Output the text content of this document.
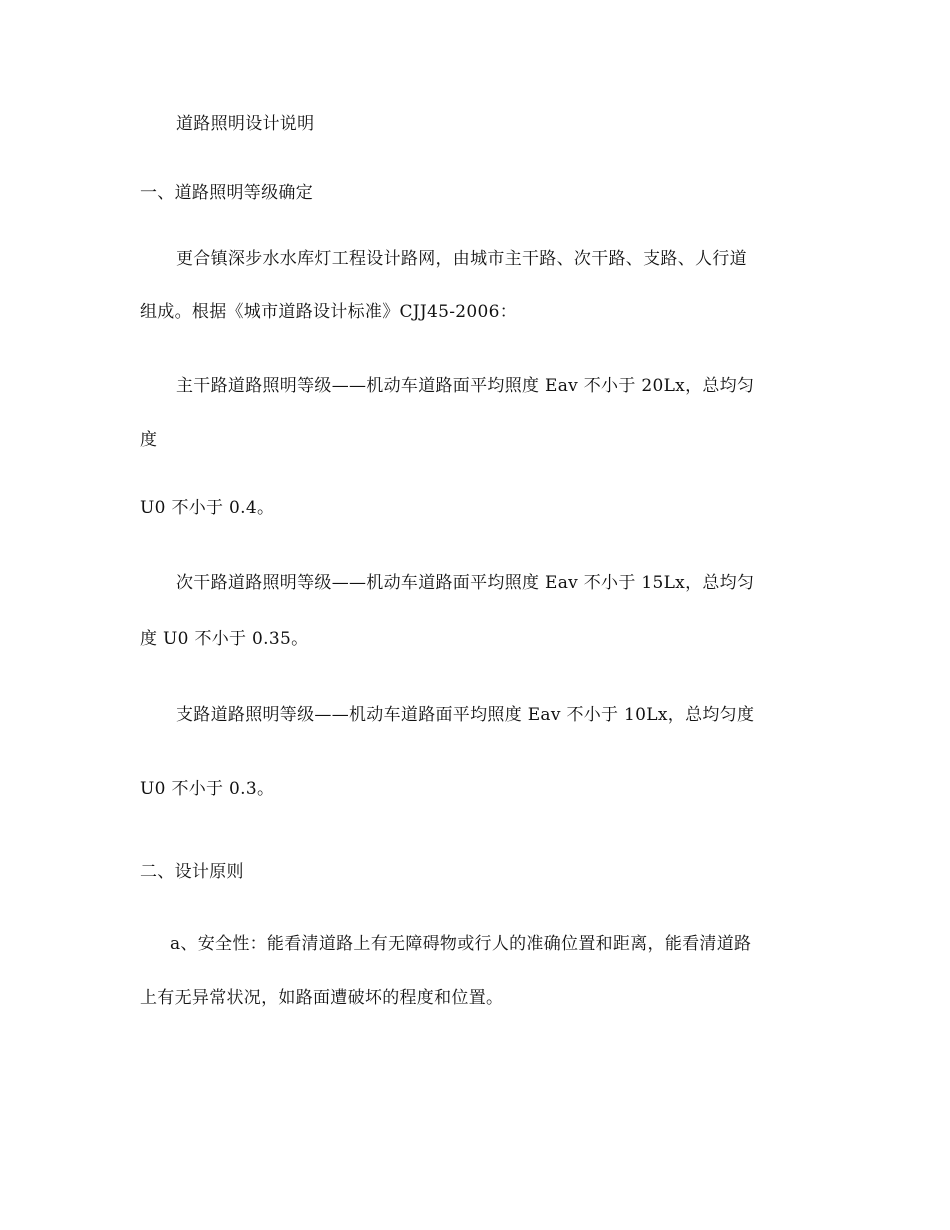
道路照明设计说明
一、道路照明等级确定
更合镇深步水水库灯工程设计路网，由城市主干路、次干路、支路、人行道
组成。根据《城市道路设计标准》CJJ45-2006：
主干路道路照明等级——机动车道路面平均照度 Eav 不小于 20Lx，总均匀
度
U0 不小于 0.4。
次干路道路照明等级——机动车道路面平均照度 Eav 不小于 15Lx，总均匀
度 U0 不小于 0.35。
支路道路照明等级——机动车道路面平均照度 Eav 不小于 10Lx，总均匀度
U0 不小于 0.3。
二、设计原则
a、安全性：能看清道路上有无障碍物或行人的准确位置和距离，能看清道路
上有无异常状况，如路面遭破坏的程度和位置。
